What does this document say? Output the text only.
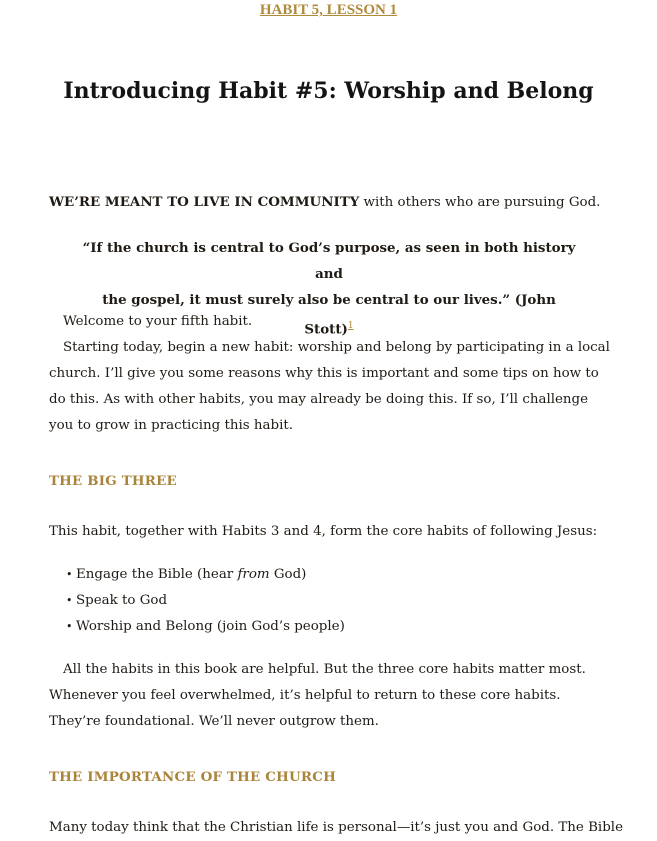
HABIT 5, LESSON 1
Introducing Habit #5: Worship and Belong

WE’RE MEANT TO LIVE IN COMMUNITY with others who are pursuing God.

“If the church is central to God’s purpose, as seen in both history and
the gospel, it must surely also be central to our lives.” (John Stott)$^1$

Welcome to your fifth habit.

Starting today, begin a new habit: worship and belong by participating in a local church. I’ll give you some reasons why this is important and some tips on how to do this. As with other habits, you may already be doing this. If so, I’ll challenge you to grow in practicing this habit.

THE BIG THREE

This habit, together with Habits 3 and 4, form the core habits of following Jesus:

• Engage the Bible (hear from God)
• Speak to God
• Worship and Belong (join God’s people)

All the habits in this book are helpful. But the three core habits matter most. Whenever you feel overwhelmed, it’s helpful to return to these core habits. They’re foundational. We’ll never outgrow them.

THE IMPORTANCE OF THE CHURCH

Many today think that the Christian life is personal—it’s just you and God. The Bible
